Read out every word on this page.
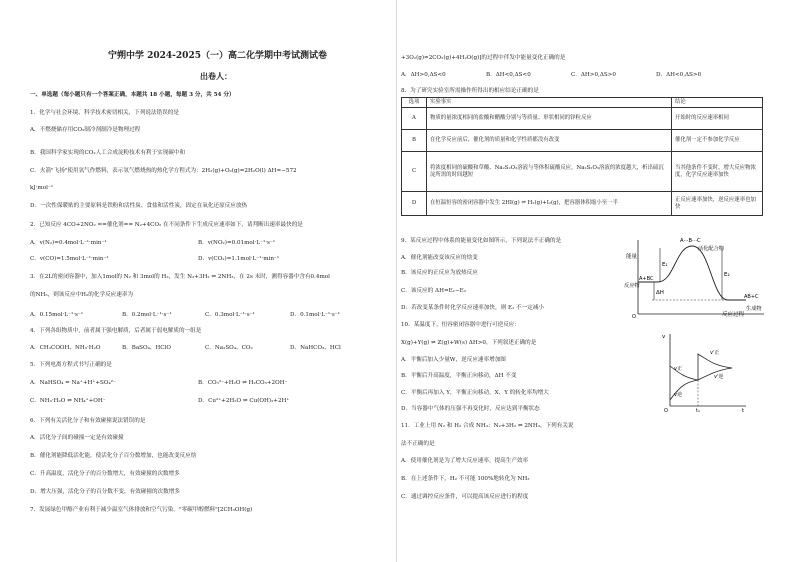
宁朔中学 2024-2025（一）高二化学期中考试测试卷
出卷人：
一、单选题（每小题只有一个答案正确，本题共 18 小题，每题 3 分，共 54 分）
1．化学与社会环境、科学技术密切相关，下列说法错误的是
A．不燃烧储存用CO₂制冷剂制冷是物理过程
B．我国科学家实现的CO₂人工合成淀粉技术有利于实现碳中和
C．火箭"飞扬"使用氢气作燃料，表示氢气燃烧热的热化学方程式为：2H₂(g)+O₂(g)=2H₂O(l) ΔH=−572
kJ·mol⁻¹
D．一次性保暖贴的主要原料是铁粉和活性炭、食盐和活性炭，固定在氧化还原反应放热
2．已知反应 4CO+2NO₂ ==催化剂== N₂+4CO₂ 在不同条件下生成反应速率如下，请判断出速率最快的是
A．v(N₂)=0.4mol·L⁻¹·min⁻¹	B．v(NO₂)=0.01mol·L⁻¹·s⁻¹
C．v(CO)=1.5mol·L⁻¹·min⁻¹	D．v(CO₂)=1.1mol·L⁻¹·min⁻¹
3．在2L的密闭容器中，加入1mol的 N₂ 和 3mol的 H₂，发生 N₂+3H₂ ⇌ 2NH₃，在 2s 末时，测得容器中含有0.4mol
的NH₃，则该反应中H₂的化学反应速率为
A．0.15mol·L⁻¹·s⁻¹	B．0.2mol·L⁻¹·s⁻¹	C．0.3mol·L⁻¹·s⁻¹	D．0.1mol·L⁻¹·s⁻¹
4．下列各组物质中，前者属于强电解质，后者属于弱电解质的一组是
A．CH₃COOH、NH₃·H₂O	B．BaSO₄、HClO	C．Na₂SO₄、CO₂	D．NaHCO₃、HCl
5．下列电离方程式书写正确的是
A．NaHSO₄ = Na⁺+H⁺+SO₄²⁻	B．CO₃²⁻+H₂O ⇌ H₂CO₃+2OH⁻
C．NH₃·H₂O ⇌ NH₄⁺+OH⁻	D．Cu²⁺+2H₂O ⇌ Cu(OH)₂+2H⁺
6．下列有关活化分子和有效碰撞说法错误的是
A．活化分子间的碰撞一定是有效碰撞
B．催化剂能降低活化能，使活化分子百分数增加，也能改变反应焓
C．升高温度，活化分子的百分数增大，有效碰撞的次数增多
D．增大压强，活化分子的百分数不变，有效碰撞的次数增多
7．发展绿色甲醇产业有利于减少温室气体排放和空气污染。"零碳甲醇燃料"[2CH₃OH(g)
+3O₂(g)=2CO₂(g)+4H₂O(g)]的过程中伴发中能量变化正确的是
A．ΔH>0,ΔS<0	B．ΔH<0,ΔS<0	C．ΔH>0,ΔS>0	D．ΔH<0,ΔS>0
8．为了研究实验室所需操作所得出的相应结论正确的是
9．某反应过程中体系的能量变化如图所示，下列说法不正确的是
A．催化剂能改变该反应的焓变
B．该反应的正反应为放热反应
C．该反应的 ΔH=E₁−E₂
D．若改变某条件时化学反应速率加快，则 E₁ 不一定减小
10．某温度下，恒容密闭容器中进行可逆反应：
X(g)+Y(g) ⇌ Z(g)+W(s) ΔH>0，下列叙述正确的是
A．平衡后加入少量W，逆反应速率增加图
B．平衡后升高温度，平衡正向移动，ΔH 不变
C．平衡后再加入 Y，平衡正向移动，X、Y 的转化率均增大
D．当容器中气体的压强不再变化时，反应达到平衡状态
11．工业上用 N₂ 和 H₂ 合成 NH₃：N₂+3H₂ ⇌ 2NH₃，下列有关说
法不正确的是
A．使用催化剂是为了增大反应速率，提高生产效率
B．在上述条件下，H₂ 不可能 100%地转化为 NH₃
C．通过调控反应条件，可以提高该反应进行的程度
选项	实验事实	结论
A	物质的量浓度相同的盐酸和醋酸分别与等质量、形状相同的锌粒反应	开始时的反应速率相同
B	在化学反应前后，催化剂的质量和化学性质都没有改变	催化剂一定不参加化学反应
C	将浓度相同的硫酸和草酸、Na₂S₂O₃溶液与等体积硫酸反应，Na₂S₂O₃溶液的浓度越大，析出硫沉淀所需的时间越短	当其他条件不变时，增大反应物浓度，化学反应速率加快
D	在恒温恒容的密闭容器中发生 2HI(g) ⇌ H₂(g)+I₂(g)，把容器体积缩小至一半	正反应速率加快，逆反应速率也加快
能量
反应过程
A···B···C
活化配合物
反应物
A+BC
生成物
AB+C
E₁
E₂
ΔH
O
v
t
t₁
v'正
v'逆
v正
v逆
O
